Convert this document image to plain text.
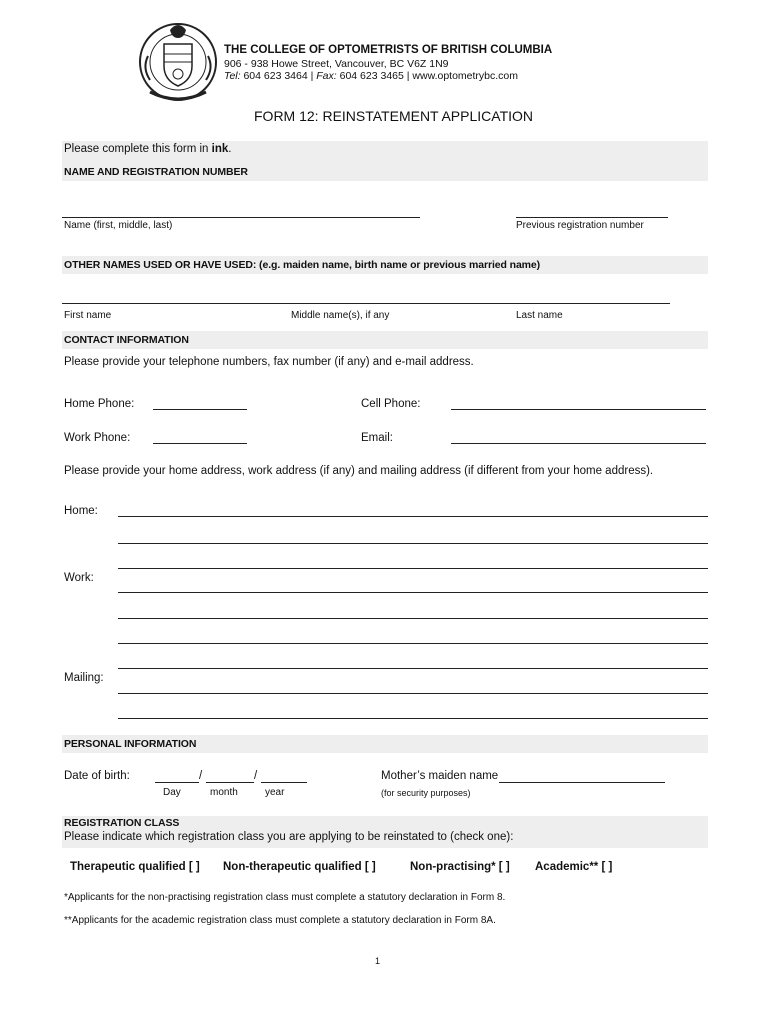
THE COLLEGE OF OPTOMETRISTS OF BRITISH COLUMBIA
906 - 938 Howe Street, Vancouver, BC V6Z 1N9
Tel: 604 623 3464 | Fax: 604 623 3465 | www.optometrybc.com
FORM 12: REINSTATEMENT APPLICATION
Please complete this form in ink.
NAME AND REGISTRATION NUMBER
Name (first, middle, last)	Previous registration number
OTHER NAMES USED OR HAVE USED: (e.g. maiden name, birth name or previous married name)
First name	Middle name(s), if any	Last name
CONTACT INFORMATION
Please provide your telephone numbers, fax number (if any) and e-mail address.
Home Phone:	Cell Phone:
Work Phone:	Email:
Please provide your home address, work address (if any) and mailing address (if different from your home address).
Home:
Work:
Mailing:
PERSONAL INFORMATION
Date of birth:	/	/
Day	month	year
Mother’s maiden name
(for security purposes)
REGISTRATION CLASS
Please indicate which registration class you are applying to be reinstated to (check one):
Therapeutic qualified [ ] Non-therapeutic qualified [ ]	Non-practising* [ ] Academic** [ ]
*Applicants for the non-practising registration class must complete a statutory declaration in Form 8.
**Applicants for the academic registration class must complete a statutory declaration in Form 8A.
1
